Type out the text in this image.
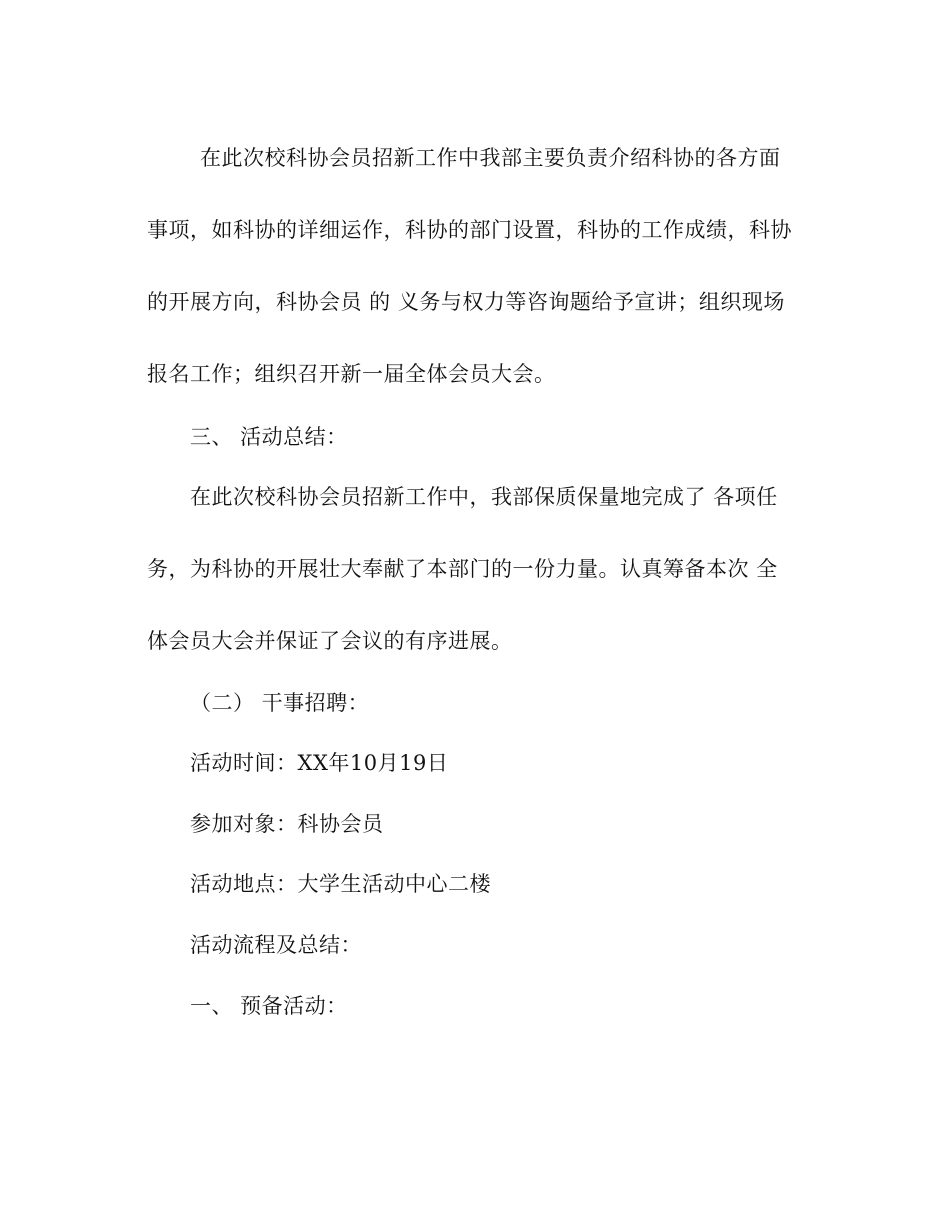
在此次校科协会员招新工作中我部主要负责介绍科协的各方面
事项，如科协的详细运作，科协的部门设置，科协的工作成绩，科协
的开展方向，科协会员 的 义务与权力等咨询题给予宣讲；组织现场
报名工作；组织召开新一届全体会员大会。
三、 活动总结：
在此次校科协会员招新工作中，我部保质保量地完成了 各项任
务，为科协的开展壮大奉献了本部门的一份力量。认真筹备本次 全
体会员大会并保证了会议的有序进展。
（二） 干事招聘：
活动时间：XX年10月19日
参加对象：科协会员
活动地点：大学生活动中心二楼
活动流程及总结：
一、 预备活动：
